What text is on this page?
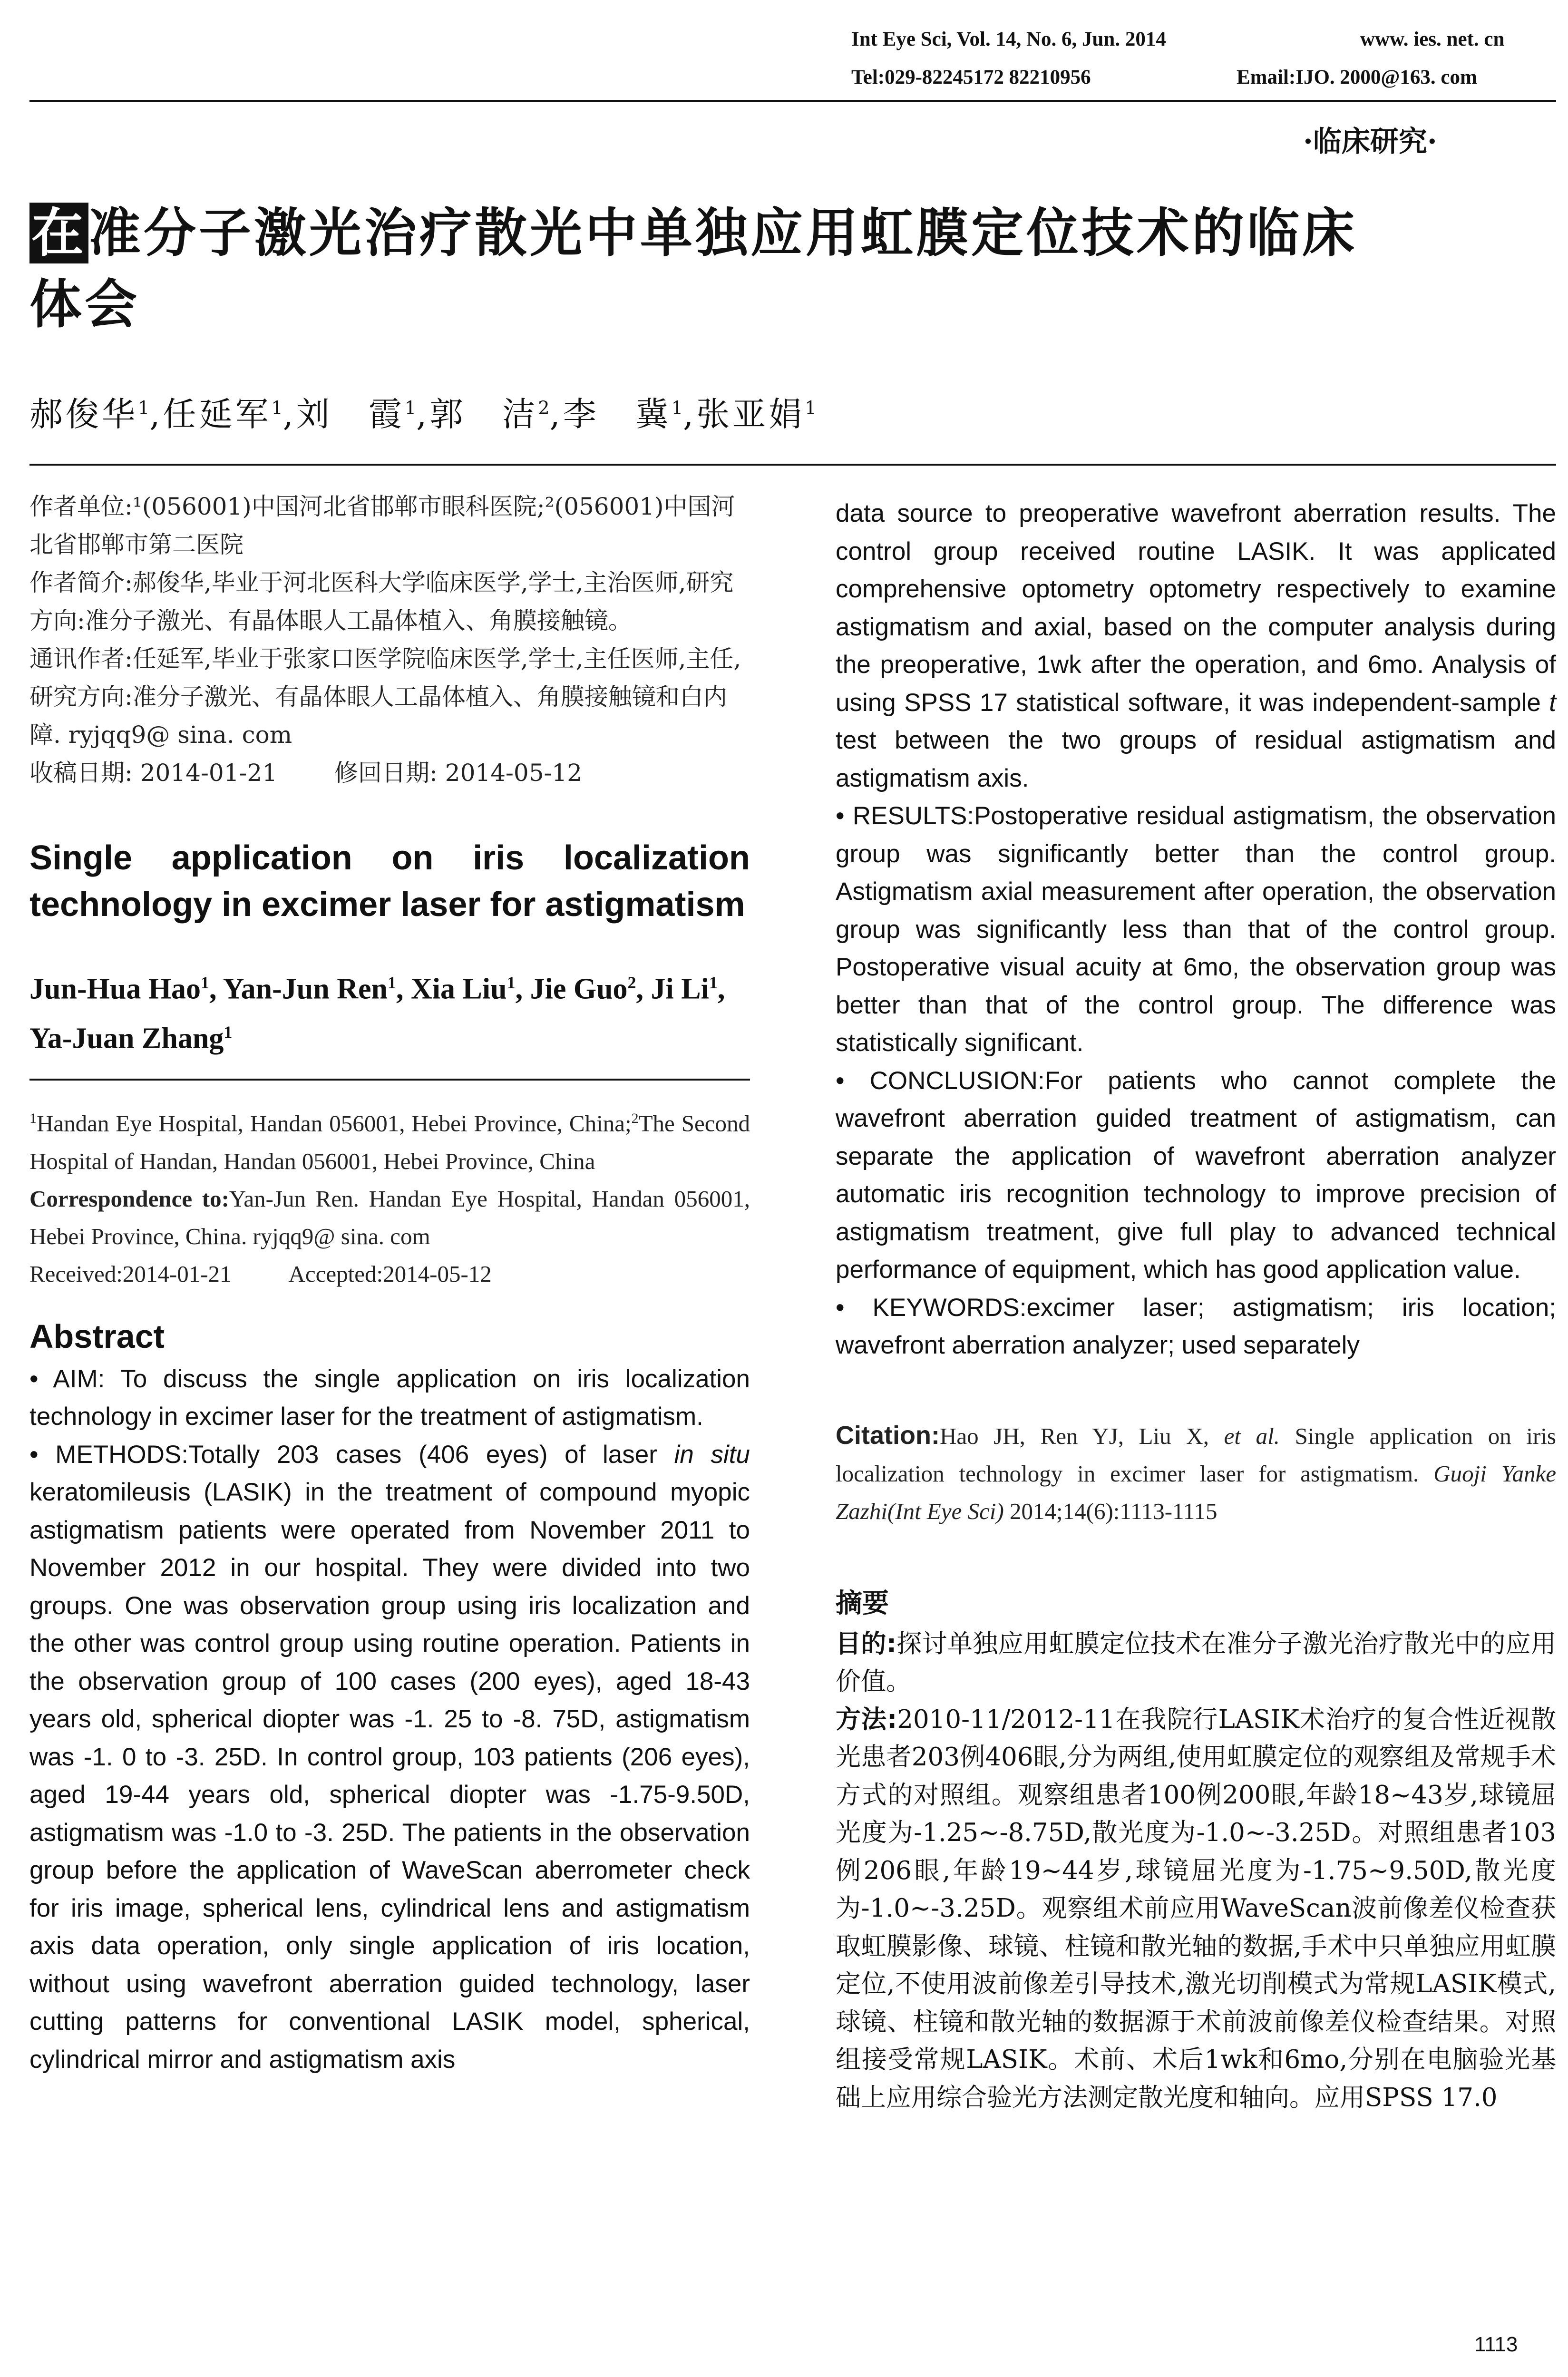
Int Eye Sci, Vol. 14, No. 6, Jun. 2014	www. ies. net. cn
Tel:029-82245172 82210956	Email:IJO. 2000@163. com
·临床研究·
在准分子激光治疗散光中单独应用虹膜定位技术的临床
体会
郝俊华$^1$,任延军$^1$,刘　霞$^1$,郭　洁$^2$,李　冀$^1$,张亚娟$^1$

作者单位:¹(056001)中国河北省邯郸市眼科医院;²(056001)中国河北省邯郸市第二医院

作者简介:郝俊华,毕业于河北医科大学临床医学,学士,主治医师,研究方向:准分子激光、有晶体眼人工晶体植入、角膜接触镜。

通讯作者:任延军,毕业于张家口医学院临床医学,学士,主任医师,主任,研究方向:准分子激光、有晶体眼人工晶体植入、角膜接触镜和白内障. ryjqq9@ sina. com

收稿日期: 2014-01-21 修回日期: 2014-05-12

Single application on iris localization technology in excimer laser for astigmatism
Jun-Hua Hao$^1$, Yan-Jun Ren$^1$, Xia Liu$^1$, Jie Guo$^2$, Ji Li$^1$, Ya-Juan Zhang$^1$

$^1$Handan Eye Hospital, Handan 056001, Hebei Province, China;$^2$The Second Hospital of Handan, Handan 056001, Hebei Province, China

Correspondence to:Yan-Jun Ren. Handan Eye Hospital, Handan 056001, Hebei Province, China. ryjqq9@ sina. com

Received:2014-01-21 Accepted:2014-05-12

Abstract

• AIM: To discuss the single application on iris localization technology in excimer laser for the treatment of astigmatism.

• METHODS:Totally 203 cases (406 eyes) of laser in situ keratomileusis (LASIK) in the treatment of compound myopic astigmatism patients were operated from November 2011 to November 2012 in our hospital. They were divided into two groups. One was observation group using iris localization and the other was control group using routine operation. Patients in the observation group of 100 cases (200 eyes), aged 18-43 years old, spherical diopter was -1. 25 to -8. 75D, astigmatism was -1. 0 to -3. 25D. In control group, 103 patients (206 eyes), aged 19-44 years old, spherical diopter was -1.75-9.50D, astigmatism was -1.0 to -3. 25D. The patients in the observation group before the application of WaveScan aberrometer check for iris image, spherical lens, cylindrical lens and astigmatism axis data operation, only single application of iris location, without using wavefront aberration guided technology, laser cutting patterns for conventional LASIK model, spherical, cylindrical mirror and astigmatism axis

data source to preoperative wavefront aberration results. The control group received routine LASIK. It was applicated comprehensive optometry optometry respectively to examine astigmatism and axial, based on the computer analysis during the preoperative, 1wk after the operation, and 6mo. Analysis of using SPSS 17 statistical software, it was independent-sample t test between the two groups of residual astigmatism and astigmatism axis.

• RESULTS:Postoperative residual astigmatism, the observation group was significantly better than the control group. Astigmatism axial measurement after operation, the observation group was significantly less than that of the control group. Postoperative visual acuity at 6mo, the observation group was better than that of the control group. The difference was statistically significant.

• CONCLUSION:For patients who cannot complete the wavefront aberration guided treatment of astigmatism, can separate the application of wavefront aberration analyzer automatic iris recognition technology to improve precision of astigmatism treatment, give full play to advanced technical performance of equipment, which has good application value.

• KEYWORDS:excimer laser; astigmatism; iris location; wavefront aberration analyzer; used separately

Citation:Hao JH, Ren YJ, Liu X, et al. Single application on iris localization technology in excimer laser for astigmatism. Guoji Yanke Zazhi(Int Eye Sci) 2014;14(6):1113-1115
摘要

目的:探讨单独应用虹膜定位技术在准分子激光治疗散光中的应用价值。

方法:2010-11/2012-11在我院行LASIK术治疗的复合性近视散光患者203例406眼,分为两组,使用虹膜定位的观察组及常规手术方式的对照组。观察组患者100例200眼,年龄18~43岁,球镜屈光度为-1.25~-8.75D,散光度为-1.0~-3.25D。对照组患者103例206眼,年龄19~44岁,球镜屈光度为-1.75~9.50D,散光度为-1.0~-3.25D。观察组术前应用WaveScan波前像差仪检查获取虹膜影像、球镜、柱镜和散光轴的数据,手术中只单独应用虹膜定位,不使用波前像差引导技术,激光切削模式为常规LASIK模式,球镜、柱镜和散光轴的数据源于术前波前像差仪检查结果。对照组接受常规LASIK。术前、术后1wk和6mo,分别在电脑验光基础上应用综合验光方法测定散光度和轴向。应用SPSS 17.0

1113
